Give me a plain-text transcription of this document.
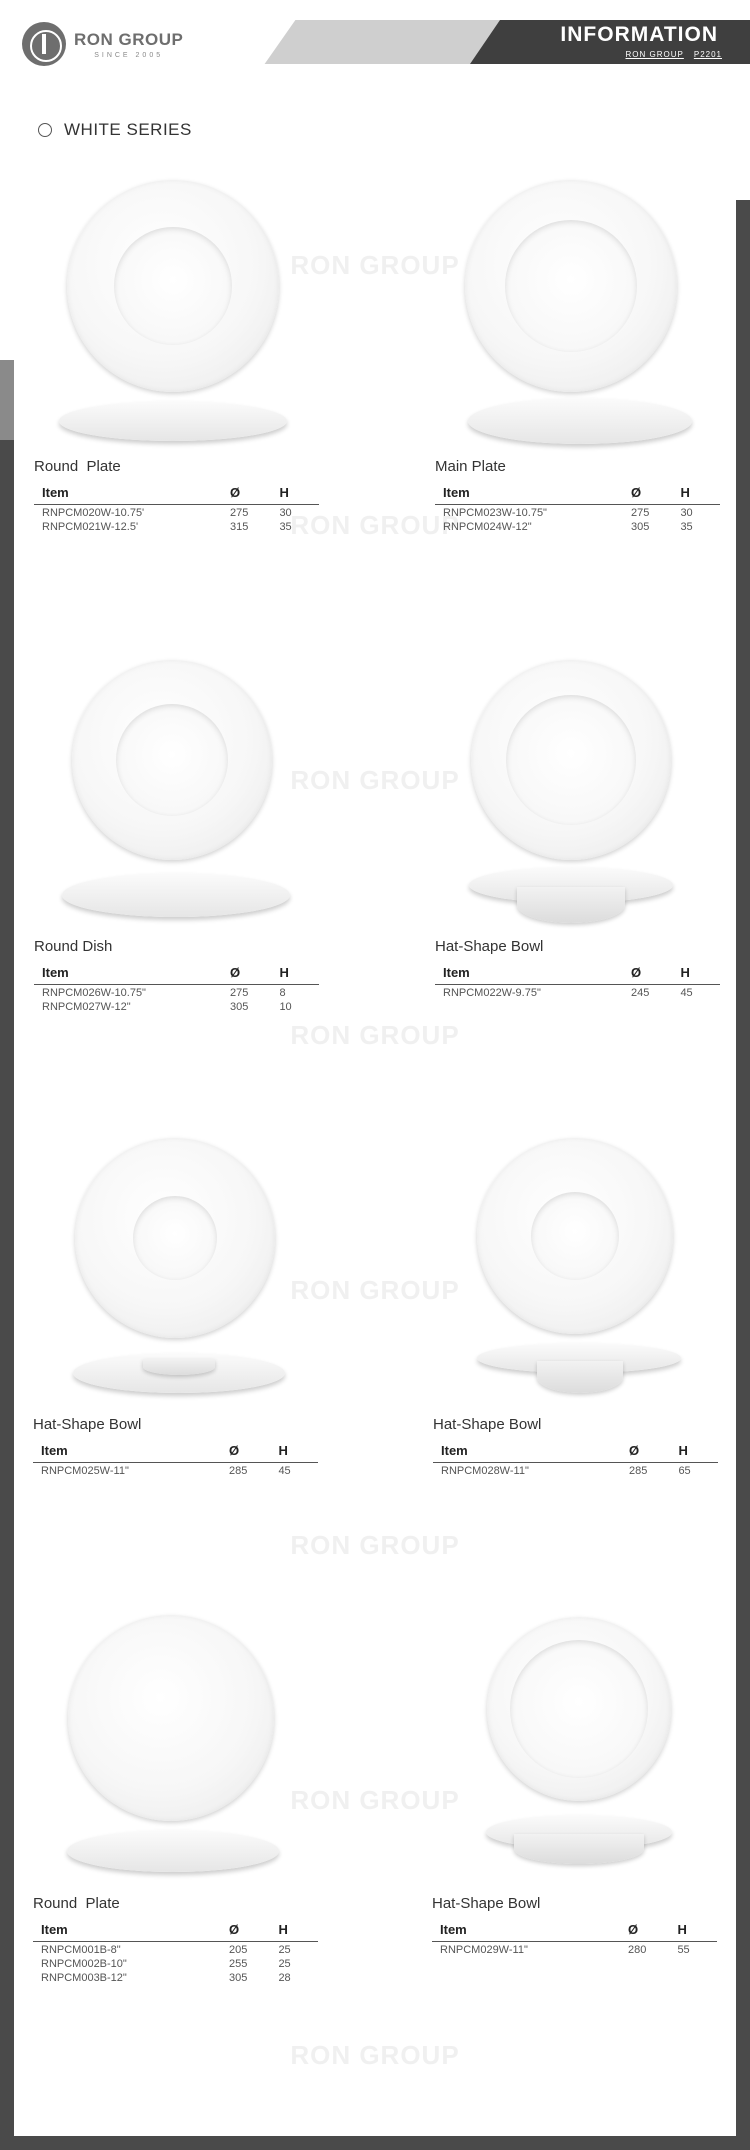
RON GROUP
SINCE 2005
INFORMATION
RON GROUP P2201
WHITE SERIES
RON GROUP
RON GROUP
RON GROUP
RON GROUP
RON GROUP
RON GROUP
RON GROUP
RON GROUP
Round  Plate
Item	Ø	H
RNPCM020W-10.75'	275	30
RNPCM021W-12.5'	315	35
Main Plate
Item	Ø	H
RNPCM023W-10.75"	275	30
RNPCM024W-12"	305	35
Round Dish
Item	Ø	H
RNPCM026W-10.75"	275	8
RNPCM027W-12"	305	10
Hat-Shape Bowl
Item	Ø	H
RNPCM022W-9.75"	245	45
Hat-Shape Bowl
Item	Ø	H
RNPCM025W-11"	285	45
Hat-Shape Bowl
Item	Ø	H
RNPCM028W-11"	285	65
Round  Plate
Item	Ø	H
RNPCM001B-8"	205	25
RNPCM002B-10"	255	25
RNPCM003B-12"	305	28
Hat-Shape Bowl
Item	Ø	H
RNPCM029W-11"	280	55
